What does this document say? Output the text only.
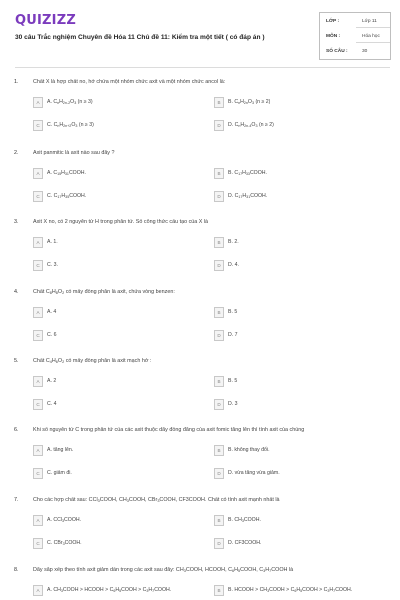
QUIZIZZ
30 câu Trắc nghiệm Chuyên đề Hóa 11 Chủ đề 11: Kiểm tra một tiết ( có đáp án )
LỚP :	Lớp 11
MÔN :	Hóa học
SỐ CÂU :	30
1.	Chất X là hợp chất no, hở chứa một nhóm chức axit và một nhóm chức ancol là:
A	A. $C_nH_{2n-2}O_3$ (n ≥ 3)	B	B. $C_nH_{2n}O_3$ (n ≥ 2)
C	C. $C_nH_{2n+2}O_3$ (n ≥ 3)	D	D. $C_nH_{2n-4}O_3$ (n ≥ 2)
2.	Axit panmitic là axit nào sau đây ?
A	A. $C_{15}H_{31}COOH$.	B	B. $C_{17}H_{33}COOH$.
C	C. $C_{17}H_{35}COOH$.	D	D. $C_{17}H_{31}COOH$.
3.	Axit X no, có 2 nguyên tử H trong phân tử. Số công thức cấu tạo của X là
A	A. 1.	B	B. 2.
C	C. 3.	D	D. 4.
4.	Chất $C_8H_8O_2$ có mấy đồng phân là axit, chứa vòng benzen:
A	A. 4	B	B. 5
C	C. 6	D	D. 7
5.	Chất $C_4H_6O_2$ có mấy đồng phân là axit mạch hở :
A	A. 2	B	B. 5
C	C. 4	D	D. 3
6.	Khi số nguyên tử C trong phân tử của các axit thuộc dãy đồng đẳng của axit fomic tăng lên thì tính axit của chúng
A	A. tăng lên.	B	B. không thay đổi.
C	C. giảm đi.	D	D. vừa tăng vừa giảm.
7.	Cho các hợp chất sau: CCl$_3$COOH, $CH_3COOH$, CBr$_3$COOH, CF3COOH. Chất có tính axit mạnh nhất là
A	A. CCl$_3$COOH.	B	B. $CH_3COOH$.
C	C. CBr$_3$COOH.	D	D. CF3COOH.
8.	Dãy sắp xếp theo tính axit giảm dần trong các axit sau đây: $CH_3COOH$, HCOOH, $C_6H_5COOH$, $C_3H_7COOH$ là
A	A. $CH_3COOH$ > HCOOH > $C_6H_5COOH$ > $C_3H_7COOH$.	B	B. HCOOH > $CH_3COOH$ > $C_6H_5COOH$ > $C_3H_7COOH$.
